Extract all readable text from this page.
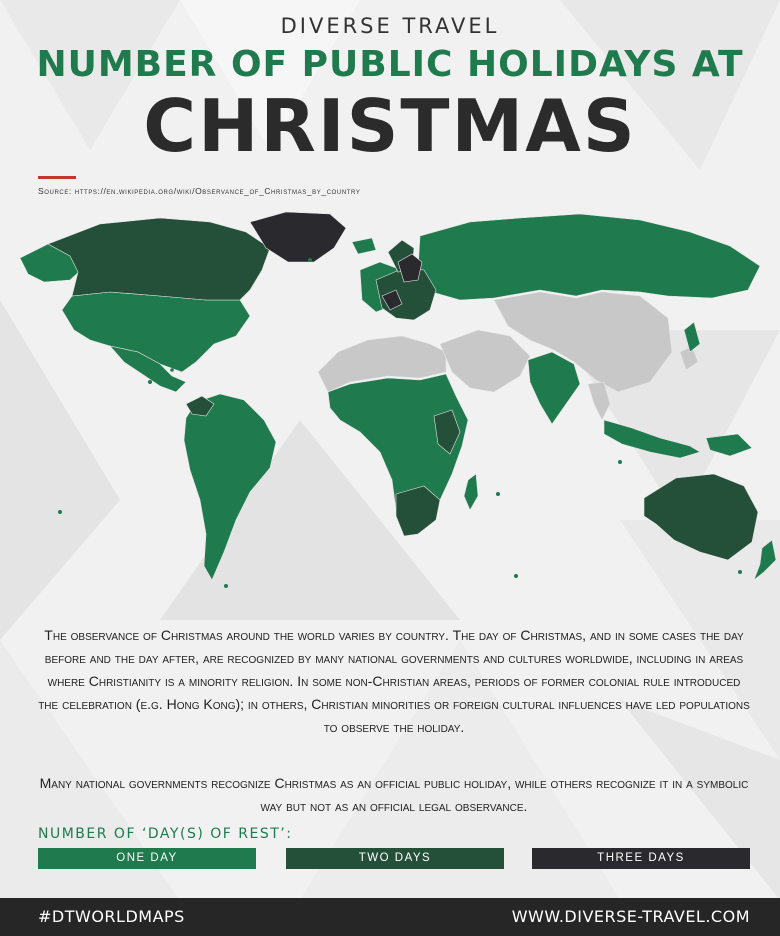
DIVERSE TRAVEL
NUMBER OF PUBLIC HOLIDAYS AT
CHRISTMAS
Source: https://en.wikipedia.org/wiki/Observance_of_Christmas_by_country
The observance of Christmas around the world varies by country. The day of Christmas, and in some cases the day before and the day after, are recognized by many national governments and cultures worldwide, including in areas where Christianity is a minority religion. In some non-Christian areas, periods of former colonial rule introduced the celebration (e.g. Hong Kong); in others, Christian minorities or foreign cultural influences have led populations to observe the holiday.
Many national governments recognize Christmas as an official public holiday, while others recognize it in a symbolic way but not as an official legal observance.
NUMBER OF ‘DAY(S) OF REST’:
ONE DAY	TWO DAYS	THREE DAYS
#DTWORLDMAPS	WWW.DIVERSE-TRAVEL.COM
